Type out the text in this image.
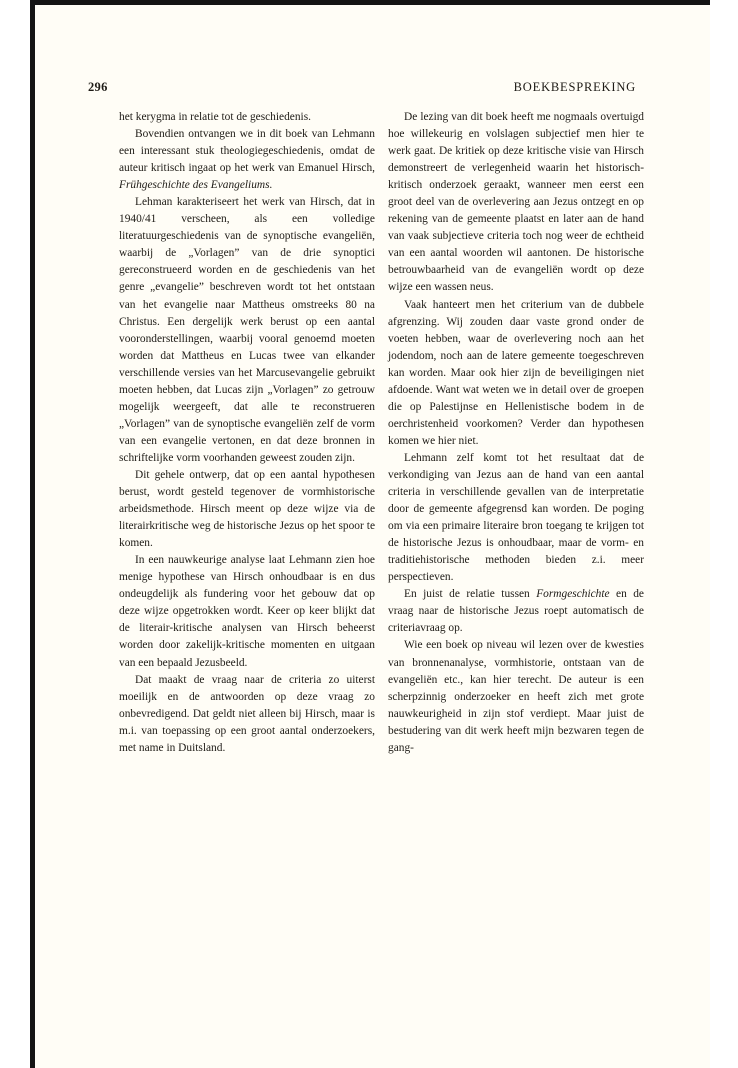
296	BOEKBESPREKING

het kerygma in relatie tot de geschiedenis.

Bovendien ontvangen we in dit boek van Lehmann een interessant stuk theologiegeschiedenis, omdat de auteur kritisch ingaat op het werk van Emanuel Hirsch, Frühgeschichte des Evangeliums.

Lehman karakteriseert het werk van Hirsch, dat in 1940/41 verscheen, als een volledige literatuurgeschiedenis van de synoptische evangeliën, waarbij de „Vorlagen” van de drie synoptici gereconstrueerd worden en de geschiedenis van het genre „evangelie” beschreven wordt tot het ontstaan van het evangelie naar Mattheus omstreeks 80 na Christus. Een dergelijk werk berust op een aantal vooronderstellingen, waarbij vooral genoemd moeten worden dat Mattheus en Lucas twee van elkander verschillende versies van het Marcusevangelie gebruikt moeten hebben, dat Lucas zijn „Vorlagen” zo getrouw mogelijk weergeeft, dat alle te reconstrueren „Vorlagen” van de synoptische evangeliën zelf de vorm van een evangelie vertonen, en dat deze bronnen in schriftelijke vorm voorhanden geweest zouden zijn.

Dit gehele ontwerp, dat op een aantal hypothesen berust, wordt gesteld tegenover de vormhistorische arbeidsmethode. Hirsch meent op deze wijze via de literairkritische weg de historische Jezus op het spoor te komen.

In een nauwkeurige analyse laat Lehmann zien hoe menige hypothese van Hirsch onhoudbaar is en dus ondeugdelijk als fundering voor het gebouw dat op deze wijze opgetrokken wordt. Keer op keer blijkt dat de literair-kritische analysen van Hirsch beheerst worden door zakelijk-kritische momenten en uitgaan van een bepaald Jezusbeeld.

Dat maakt de vraag naar de criteria zo uiterst moeilijk en de antwoorden op deze vraag zo onbevredigend. Dat geldt niet alleen bij Hirsch, maar is m.i. van toepassing op een groot aantal onderzoekers, met name in Duitsland.

De lezing van dit boek heeft me nogmaals overtuigd hoe willekeurig en volslagen subjectief men hier te werk gaat. De kritiek op deze kritische visie van Hirsch demonstreert de verlegenheid waarin het historisch-kritisch onderzoek geraakt, wanneer men eerst een groot deel van de overlevering aan Jezus ontzegt en op rekening van de gemeente plaatst en later aan de hand van vaak subjectieve criteria toch nog weer de echtheid van een aantal woorden wil aantonen. De historische betrouwbaarheid van de evangeliën wordt op deze wijze een wassen neus.

Vaak hanteert men het criterium van de dubbele afgrenzing. Wij zouden daar vaste grond onder de voeten hebben, waar de overlevering noch aan het jodendom, noch aan de latere gemeente toegeschreven kan worden. Maar ook hier zijn de beveiligingen niet afdoende. Want wat weten we in detail over de groepen die op Palestijnse en Hellenistische bodem in de oerchristenheid voorkomen? Verder dan hypothesen komen we hier niet.

Lehmann zelf komt tot het resultaat dat de verkondiging van Jezus aan de hand van een aantal criteria in verschillende gevallen van de interpretatie door de gemeente afgegrensd kan worden. De poging om via een primaire literaire bron toegang te krijgen tot de historische Jezus is onhoudbaar, maar de vorm- en traditiehistorische methoden bieden z.i. meer perspectieven.

En juist de relatie tussen Formgeschichte en de vraag naar de historische Jezus roept automatisch de criteriavraag op.

Wie een boek op niveau wil lezen over de kwesties van bronnenanalyse, vormhistorie, ontstaan van de evangeliën etc., kan hier terecht. De auteur is een scherpzinnig onderzoeker en heeft zich met grote nauwkeurigheid in zijn stof verdiept. Maar juist de bestudering van dit werk heeft mijn bezwaren tegen de gang-
